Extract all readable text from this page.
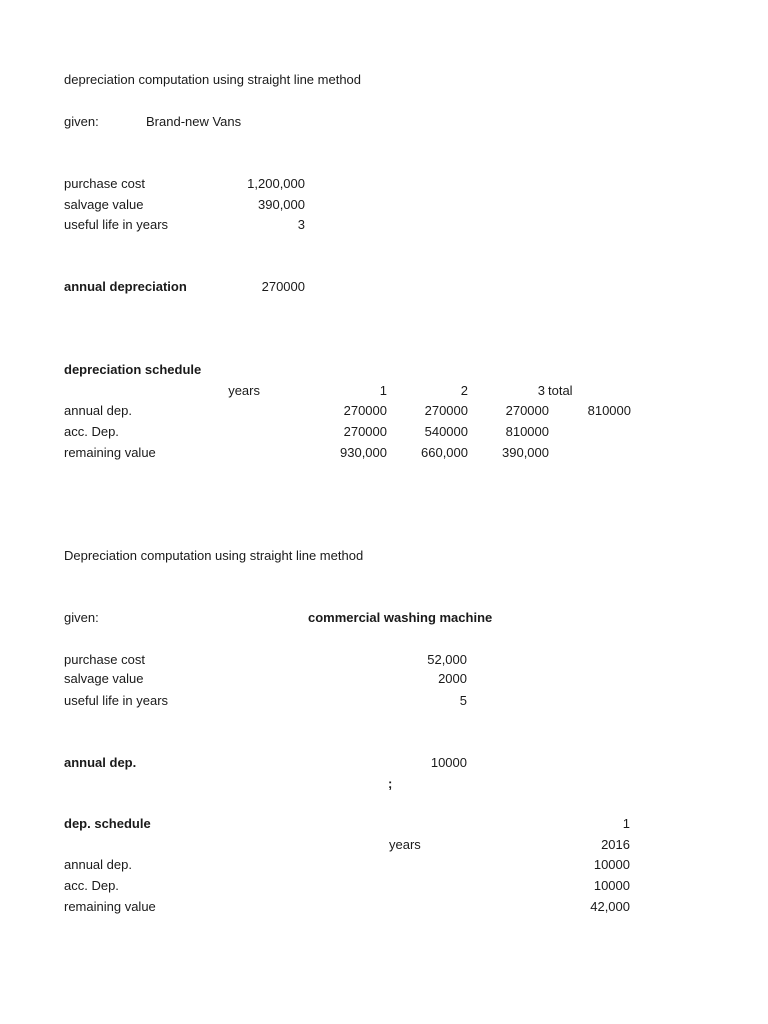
depreciation computation using straight line method
given:	Brand-new Vans
purchase cost	1,200,000
salvage value	390,000
useful life in years	3
annual depreciation	270000
depreciation schedule
years	1	2	3 total
annual dep.	270000	270000	270000	810000
acc. Dep.	270000	540000	810000
remaining value	930,000	660,000	390,000
Depreciation computation using straight line method
given:	commercial washing machine
purchase cost	52,000
salvage value	2000
useful life in years	5
annual dep.	10000
;
dep. schedule	1
years	2016
annual dep.	10000
acc. Dep.	10000
remaining value	42,000
